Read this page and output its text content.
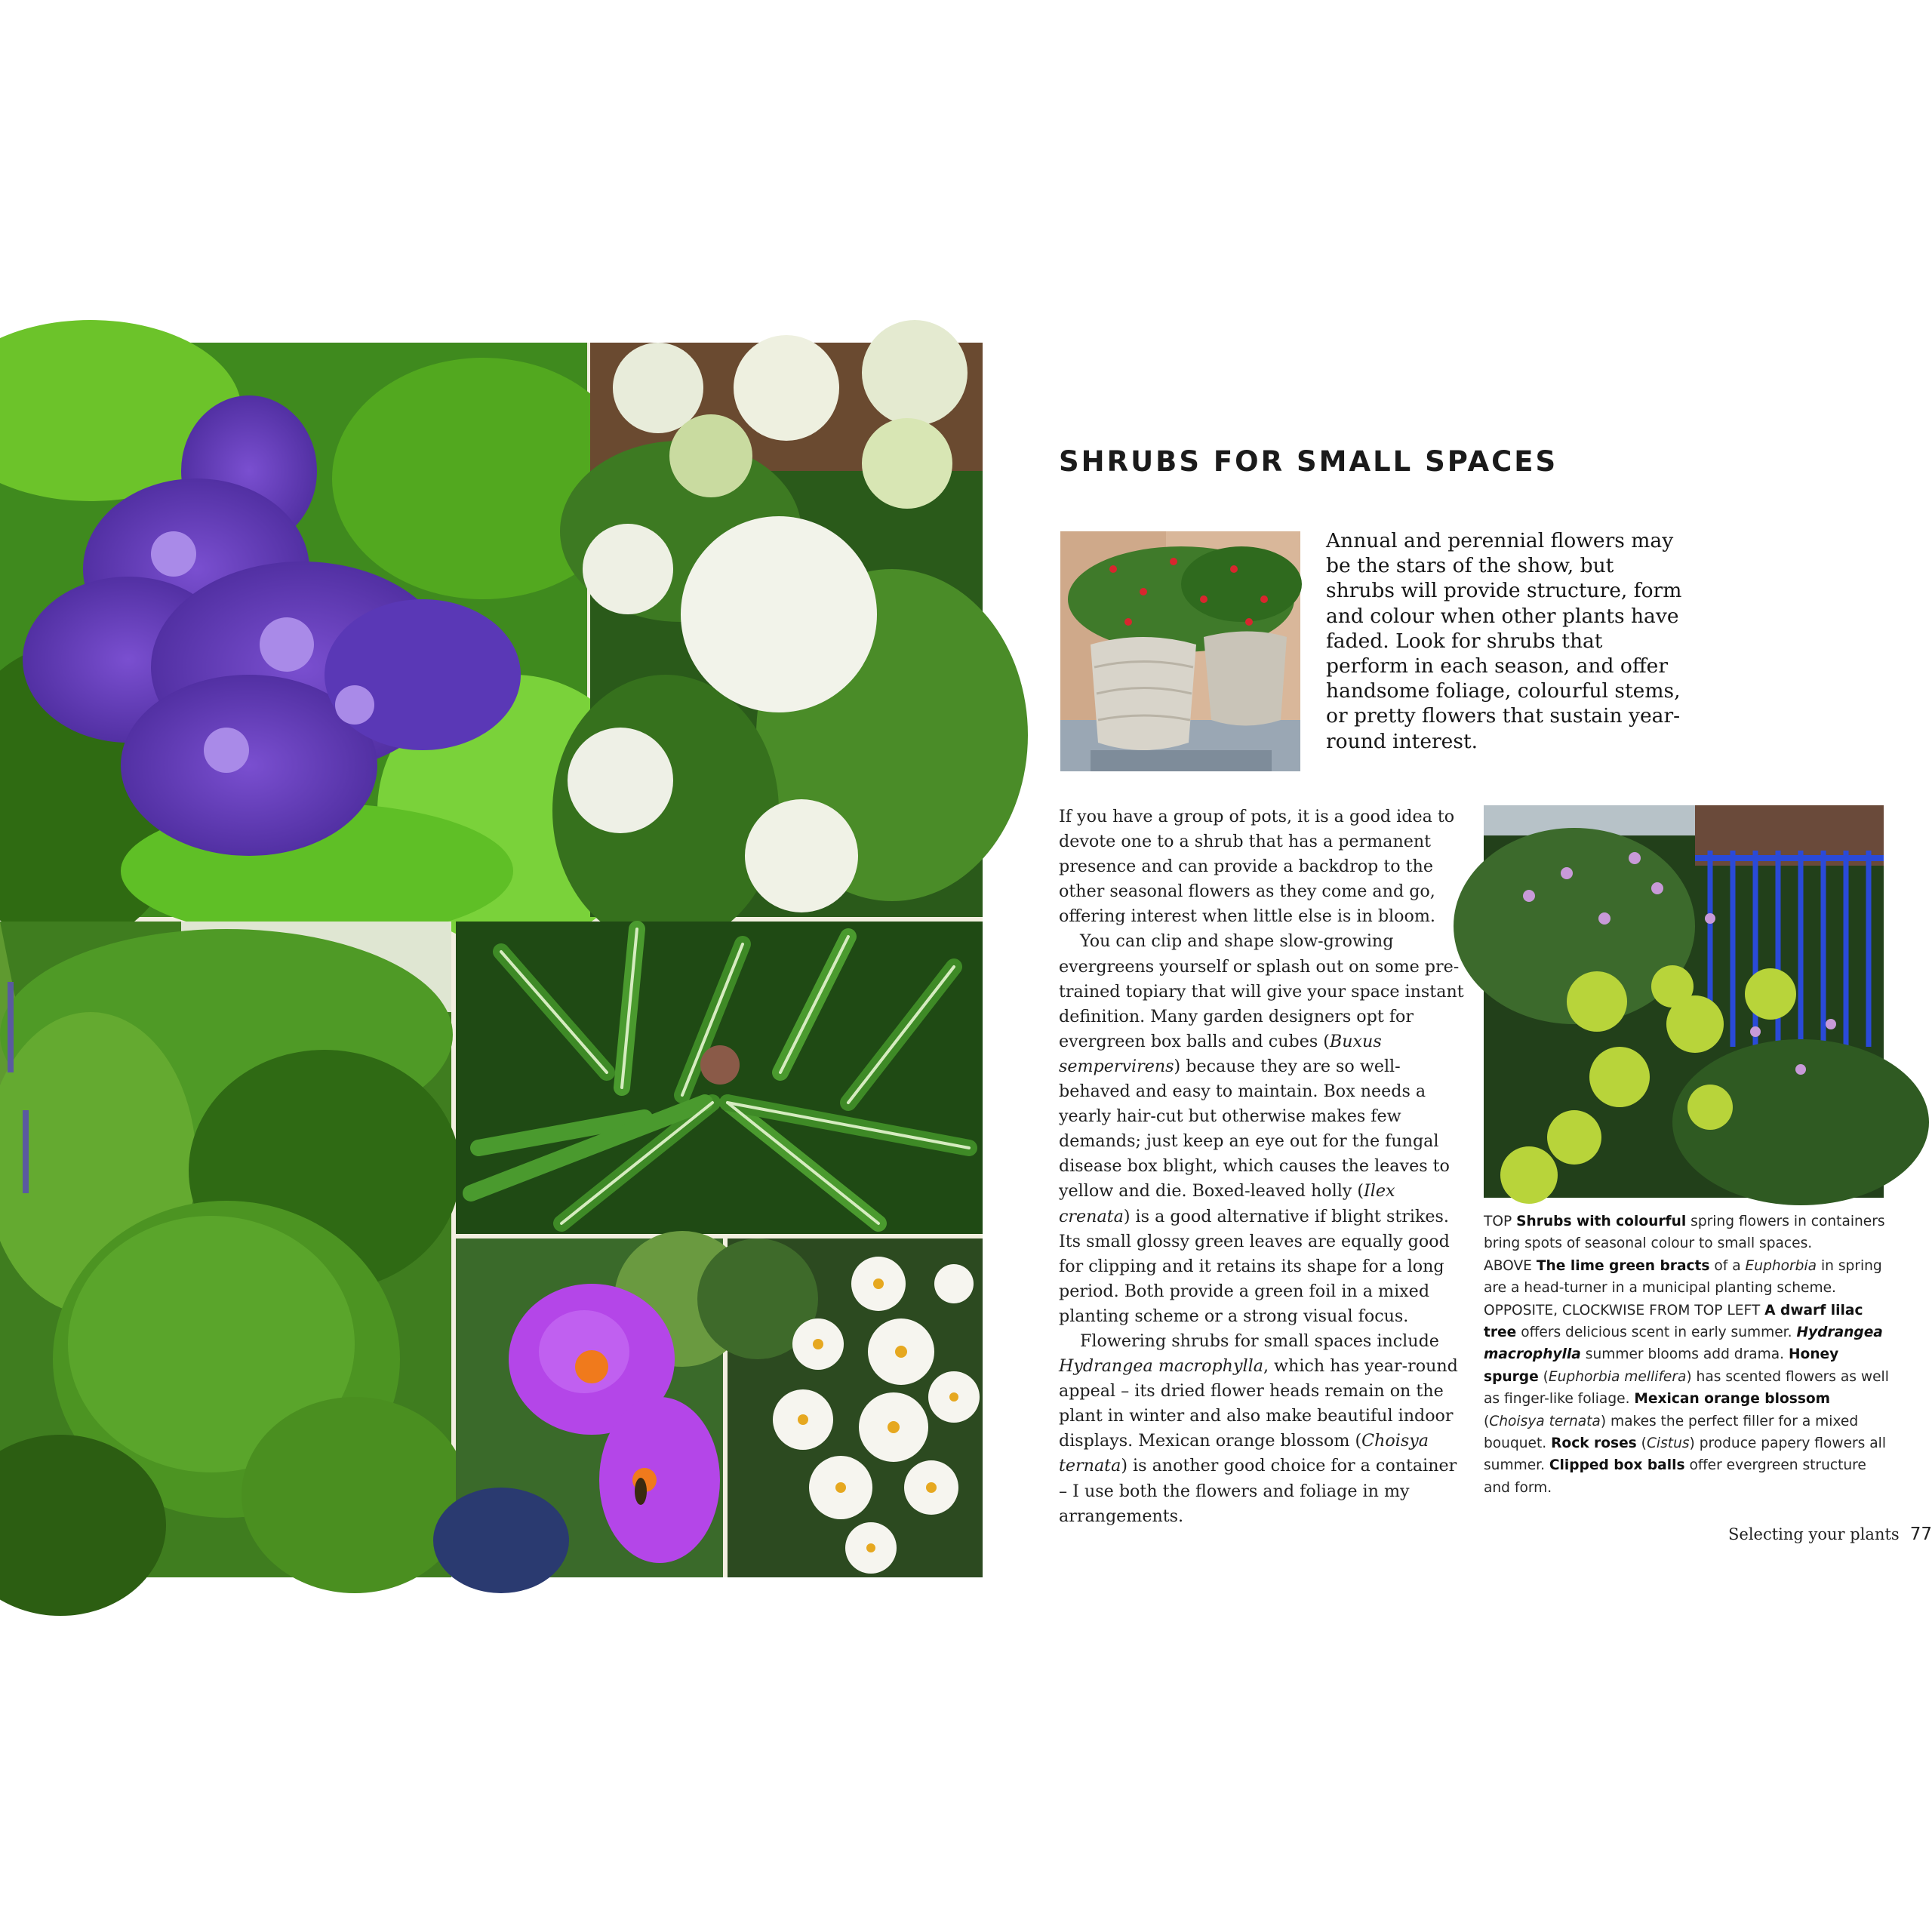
SHRUBS FOR SMALL SPACES
Annual and perennial flowers may be the stars of the show, but shrubs will provide structure, form and colour when other plants have faded. Look for shrubs that perform in each season, and offer handsome foliage, colourful stems, or pretty flowers that sustain year-round interest.

If you have a group of pots, it is a good idea to devote one to a shrub that has a permanent presence and can provide a backdrop to the other seasonal flowers as they come and go, offering interest when little else is in bloom.

You can clip and shape slow-growing evergreens yourself or splash out on some pre-trained topiary that will give your space instant definition. Many garden designers opt for evergreen box balls and cubes (Buxus sempervirens) because they are so well-behaved and easy to maintain. Box needs a yearly hair-cut but otherwise makes few demands; just keep an eye out for the fungal disease box blight, which causes the leaves to yellow and die. Boxed-leaved holly (Ilex crenata) is a good alternative if blight strikes. Its small glossy green leaves are equally good for clipping and it retains its shape for a long period. Both provide a green foil in a mixed planting scheme or a strong visual focus.

Flowering shrubs for small spaces include Hydrangea macrophylla, which has year-round appeal – its dried flower heads remain on the plant in winter and also make beautiful indoor displays. Mexican orange blossom (Choisya ternata) is another good choice for a container – I use both the flowers and foliage in my arrangements.

TOP Shrubs with colourful spring flowers in containers bring spots of seasonal colour to small spaces.
ABOVE The lime green bracts of a Euphorbia in spring are a head-turner in a municipal planting scheme.
OPPOSITE, CLOCKWISE FROM TOP LEFT A dwarf lilac tree offers delicious scent in early summer. Hydrangea macrophylla summer blooms add drama. Honey spurge (Euphorbia mellifera) has scented flowers as well as finger-like foliage. Mexican orange blossom (Choisya ternata) makes the perfect filler for a mixed bouquet. Rock roses (Cistus) produce papery flowers all summer. Clipped box balls offer evergreen structure and form.
Selecting your plants 77
